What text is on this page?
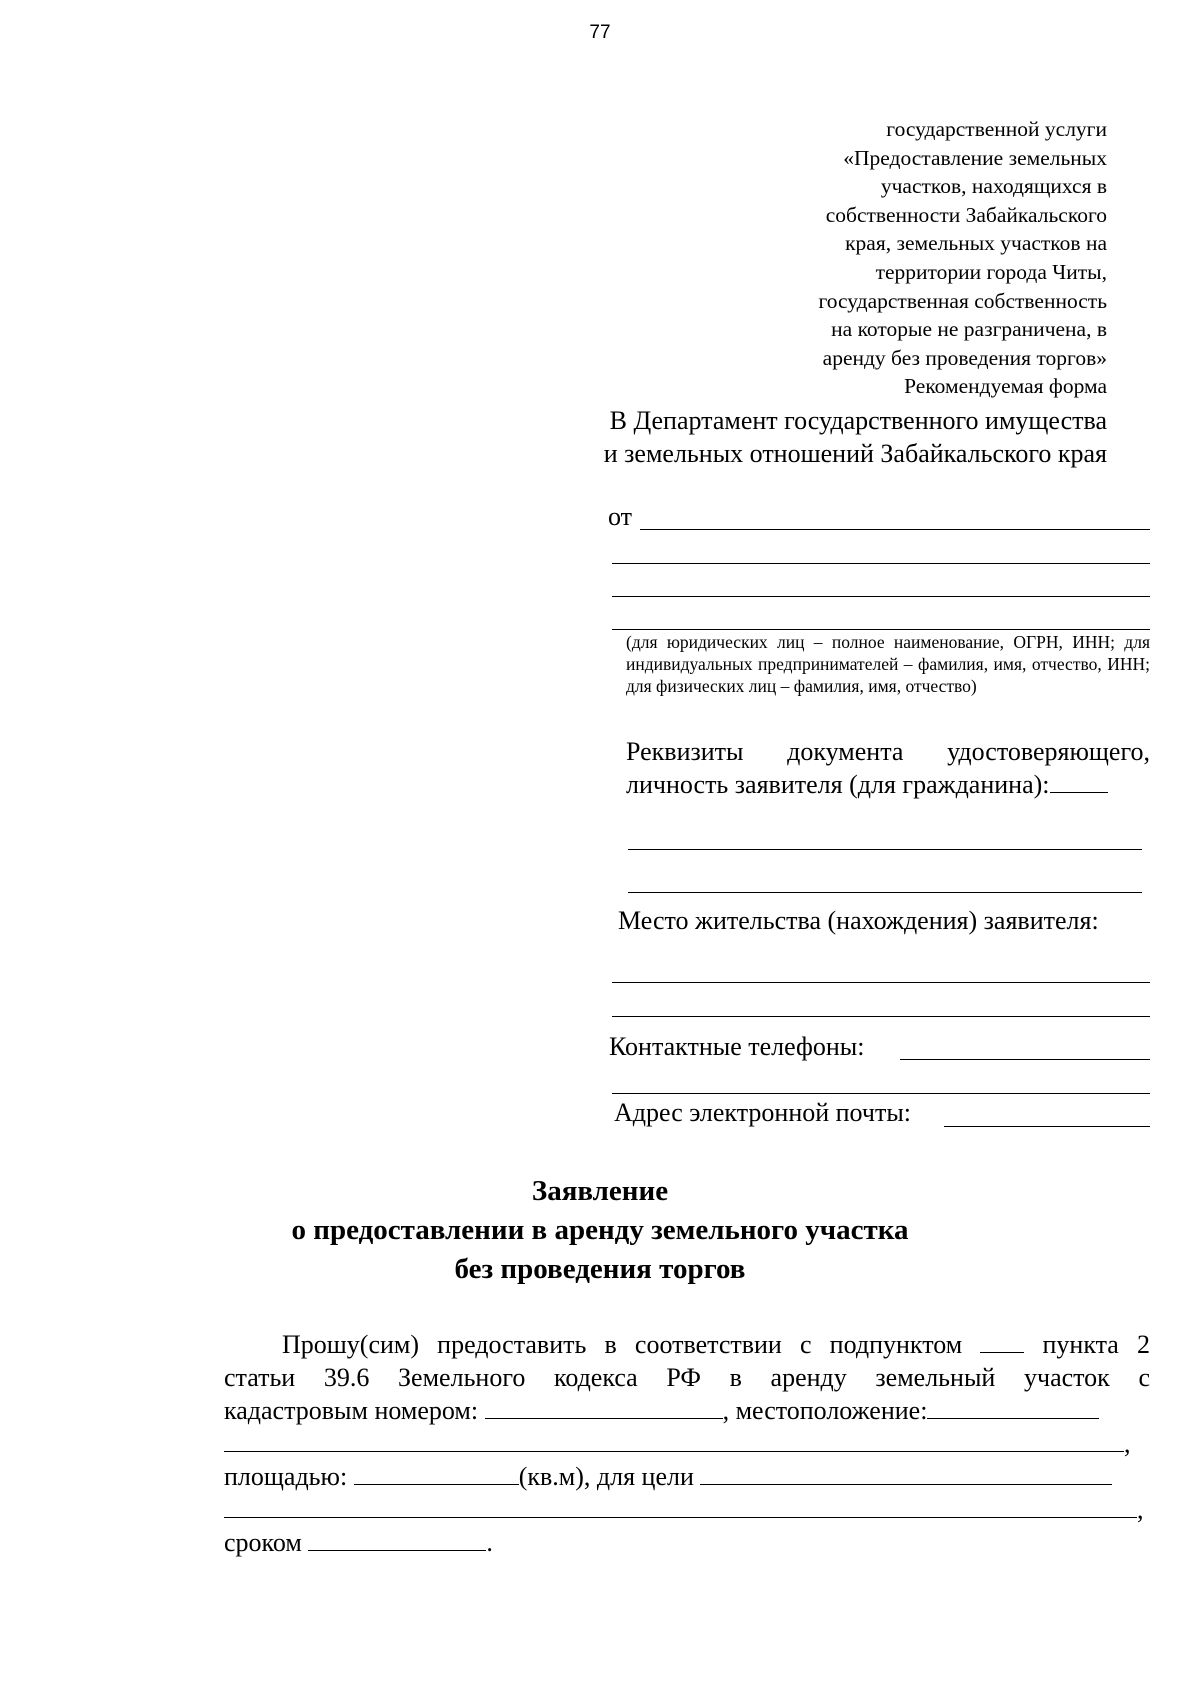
77
государственной услуги
«Предоставление земельных
участков, находящихся в
собственности Забайкальского
края, земельных участков на
территории города Читы,
государственная собственность
на которые не разграничена, в
аренду без проведения торгов»
Рекомендуемая форма
В Департамент государственного имущества
и земельных отношений Забайкальского края
от
(для юридических лиц – полное наименование, ОГРН, ИНН; для индивидуальных предпринимателей – фамилия, имя, отчество, ИНН; для физических лиц – фамилия, имя, отчество)
Реквизиты документа удостоверяющего, личность заявителя (для гражданина):
Место жительства (нахождения) заявителя:
Контактные телефоны:
Адрес электронной почты:
Заявление
о предоставлении в аренду земельного участка
без проведения торгов
Прошу(сим) предоставить в соответствии с подпунктом	пункта 2
статьи 39.6 Земельного кодекса РФ в аренду земельный участок с
кадастровым номером:	, местоположение:
,
площадью:	(кв.м), для цели
,
сроком	.
